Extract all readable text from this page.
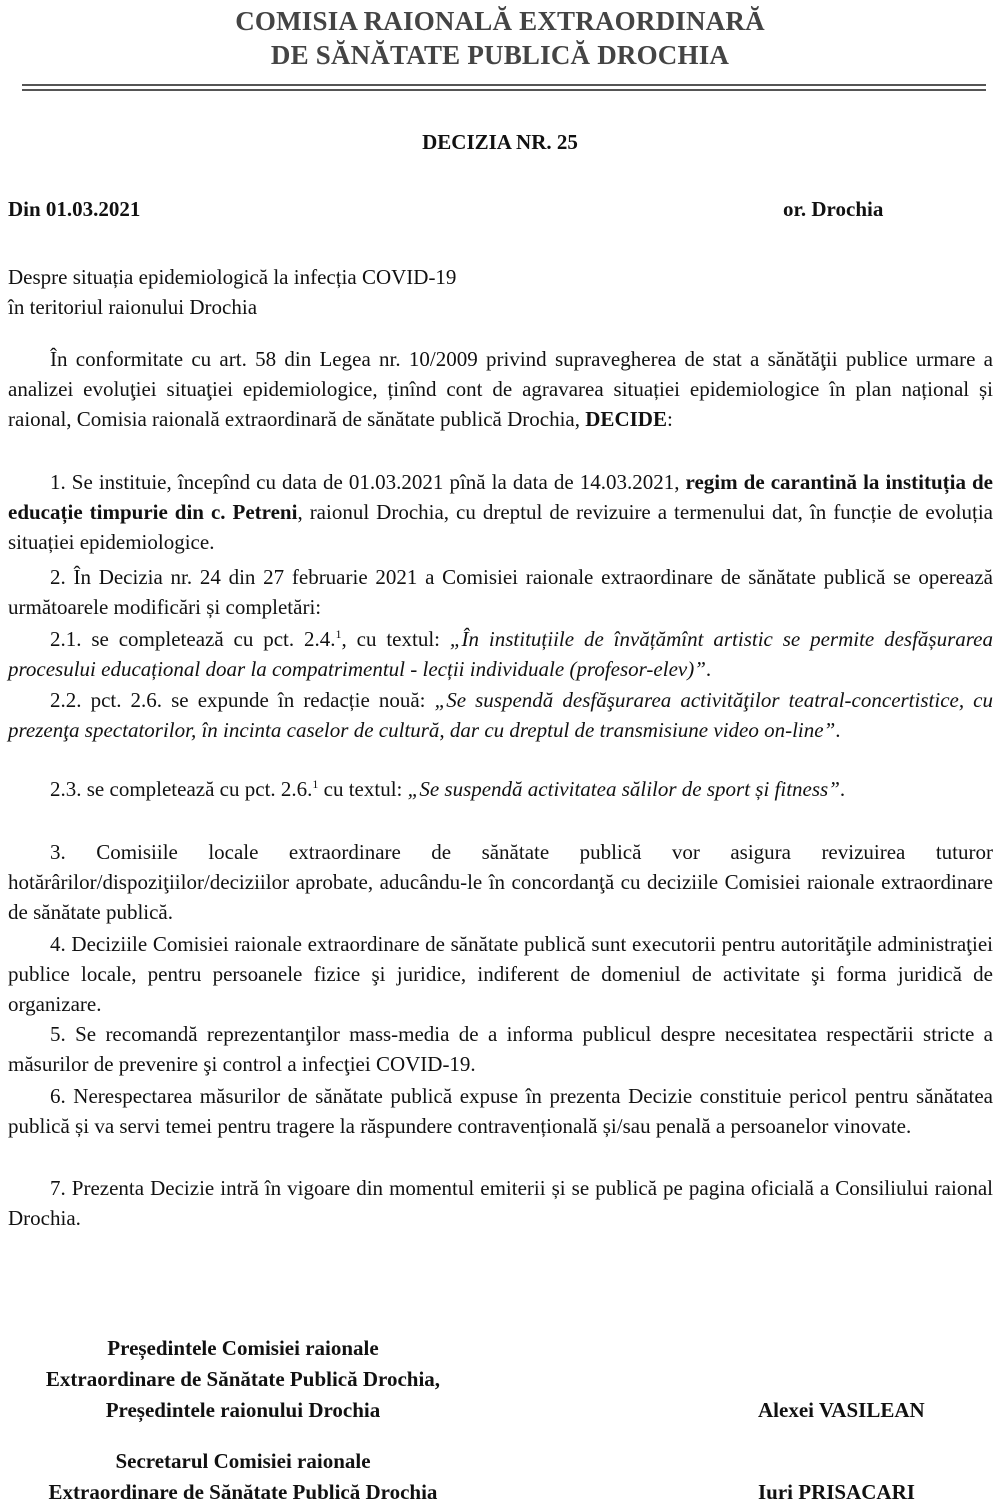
COMISIA RAIONALĂ EXTRAORDINARĂ
DE SĂNĂTATE PUBLICĂ DROCHIA
DECIZIA NR. 25
Din 01.03.2021	or. Drochia
Despre situația epidemiologică la infecția COVID-19
în teritoriul raionului Drochia
În conformitate cu art. 58 din Legea nr. 10/2009 privind supravegherea de stat a sănătăţii publice urmare a analizei evoluţiei situaţiei epidemiologice, ținînd cont de agravarea situației epidemiologice în plan național și raional, Comisia raională extraordinară de sănătate publică Drochia, DECIDE:
1. Se instituie, începînd cu data de 01.03.2021 pînă la data de 14.03.2021, regim de carantină la instituția de educație timpurie din c. Petreni, raionul Drochia, cu dreptul de revizuire a termenului dat, în funcție de evoluția situației epidemiologice.
2. În Decizia nr. 24 din 27 februarie 2021 a Comisiei raionale extraordinare de sănătate publică se operează următoarele modificări și completări:
2.1. se completează cu pct. 2.4.$^1$, cu textul: „În instituțiile de învățămînt artistic se permite desfășurarea procesului educațional doar la compatrimentul - lecții individuale (profesor-elev)”.
2.2. pct. 2.6. se expunde în redacție nouă: „Se suspendă desfăşurarea activităţilor teatral-concertistice, cu prezenţa spectatorilor, în incinta caselor de cultură, dar cu dreptul de transmisiune video on-line”.
2.3. se completează cu pct. 2.6.$^1$ cu textul: „Se suspendă activitatea sălilor de sport și fitness”.
3. Comisiile locale extraordinare de sănătate publică vor asigura revizuirea tuturor hotărârilor/dispoziţiilor/deciziilor aprobate, aducându-le în concordanţă cu deciziile Comisiei raionale extraordinare de sănătate publică.
4. Deciziile Comisiei raionale extraordinare de sănătate publică sunt executorii pentru autorităţile administraţiei publice locale, pentru persoanele fizice şi juridice, indiferent de domeniul de activitate şi forma juridică de organizare.
5. Se recomandă reprezentanţilor mass-media de a informa publicul despre necesitatea respectării stricte a măsurilor de prevenire şi control a infecţiei COVID-19.
6. Nerespectarea măsurilor de sănătate publică expuse în prezenta Decizie constituie pericol pentru sănătatea publică și va servi temei pentru tragere la răspundere contravențională și/sau penală a persoanelor vinovate.
7. Prezenta Decizie intră în vigoare din momentul emiterii și se publică pe pagina oficială a Consiliului raional Drochia.
Președintele Comisiei raionale
Extraordinare de Sănătate Publică Drochia,
Președintele raionului Drochia	Alexei VASILEAN
Secretarul Comisiei raionale
Extraordinare de Sănătate Publică Drochia	Iuri PRISACARI
